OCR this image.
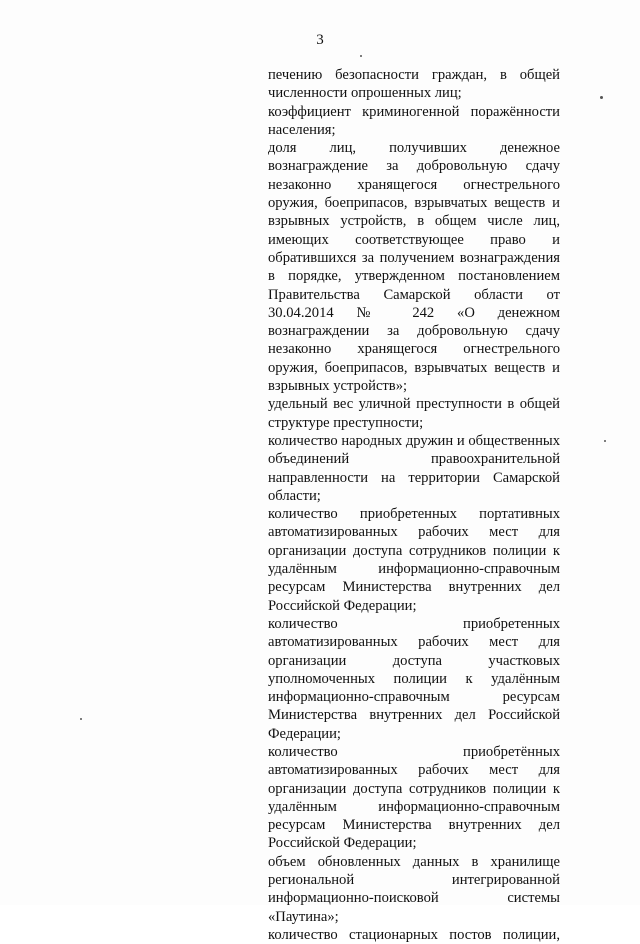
3

печению безопасности граждан, в общей численности опрошенных лиц;

коэффициент криминогенной поражённости населения;

доля лиц, получивших денежное вознаграждение за добровольную сдачу незаконно хранящегося огнестрельного оружия, боеприпасов, взрывчатых веществ и взрывных устройств, в общем числе лиц, имеющих соответствующее право и обратившихся за получением вознаграждения в порядке, утвержденном постановлением Правительства Самарской области от 30.04.2014 № 242 «О денежном вознаграждении за добровольную сдачу незаконно хранящегося огнестрельного оружия, боеприпасов, взрывчатых веществ и взрывных устройств»;

удельный вес уличной преступности в общей структуре преступности;

количество народных дружин и общественных объединений правоохранительной направленности на территории Самарской области;

количество приобретенных портативных автоматизированных рабочих мест для организации доступа сотрудников полиции к удалённым информационно-справочным ресурсам Министерства внутренних дел Российской Федерации;

количество приобретенных автоматизированных рабочих мест для организации доступа участковых уполномоченных полиции к удалённым информационно-справочным ресурсам Министерства внутренних дел Российской Федерации;

количество приобретённых автоматизированных рабочих мест для организации доступа сотрудников полиции к удалённым информационно-справочным ресурсам Министерства внутренних дел Российской Федерации;

объем обновленных данных в хранилище региональной интегрированной информационно-поисковой системы «Паутина»;

количество стационарных постов полиции,
